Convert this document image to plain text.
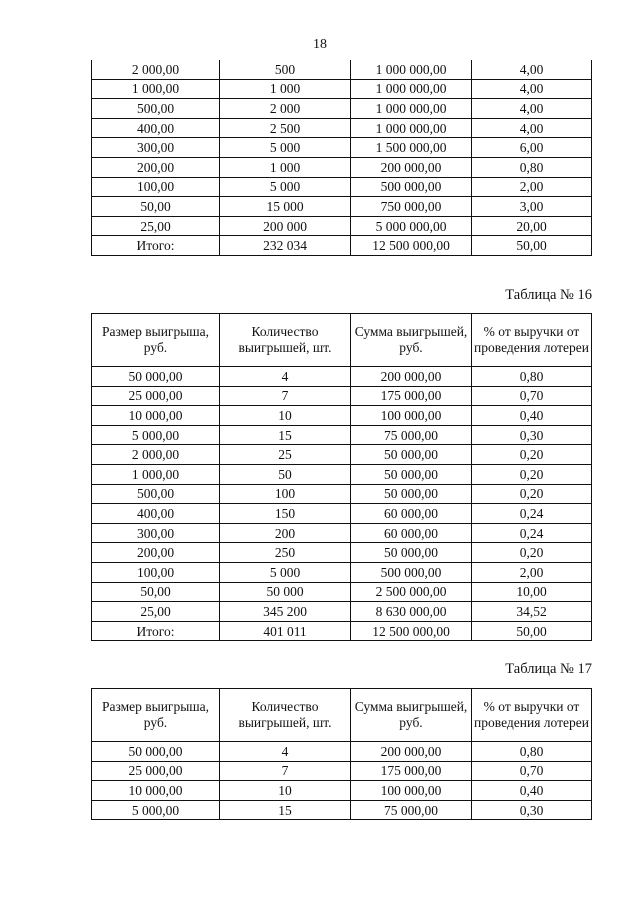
18
2 000,00	500	1 000 000,00	4,00
1 000,00	1 000	1 000 000,00	4,00
500,00	2 000	1 000 000,00	4,00
400,00	2 500	1 000 000,00	4,00
300,00	5 000	1 500 000,00	6,00
200,00	1 000	200 000,00	0,80
100,00	5 000	500 000,00	2,00
50,00	15 000	750 000,00	3,00
25,00	200 000	5 000 000,00	20,00
Итого:	232 034	12 500 000,00	50,00
Таблица № 16
Размер выигрыша, руб.	Количество выигрышей, шт.	Сумма выигрышей, руб.	% от выручки от проведения лотереи
50 000,00	4	200 000,00	0,80
25 000,00	7	175 000,00	0,70
10 000,00	10	100 000,00	0,40
5 000,00	15	75 000,00	0,30
2 000,00	25	50 000,00	0,20
1 000,00	50	50 000,00	0,20
500,00	100	50 000,00	0,20
400,00	150	60 000,00	0,24
300,00	200	60 000,00	0,24
200,00	250	50 000,00	0,20
100,00	5 000	500 000,00	2,00
50,00	50 000	2 500 000,00	10,00
25,00	345 200	8 630 000,00	34,52
Итого:	401 011	12 500 000,00	50,00
Таблица № 17
Размер выигрыша, руб.	Количество выигрышей, шт.	Сумма выигрышей, руб.	% от выручки от проведения лотереи
50 000,00	4	200 000,00	0,80
25 000,00	7	175 000,00	0,70
10 000,00	10	100 000,00	0,40
5 000,00	15	75 000,00	0,30
